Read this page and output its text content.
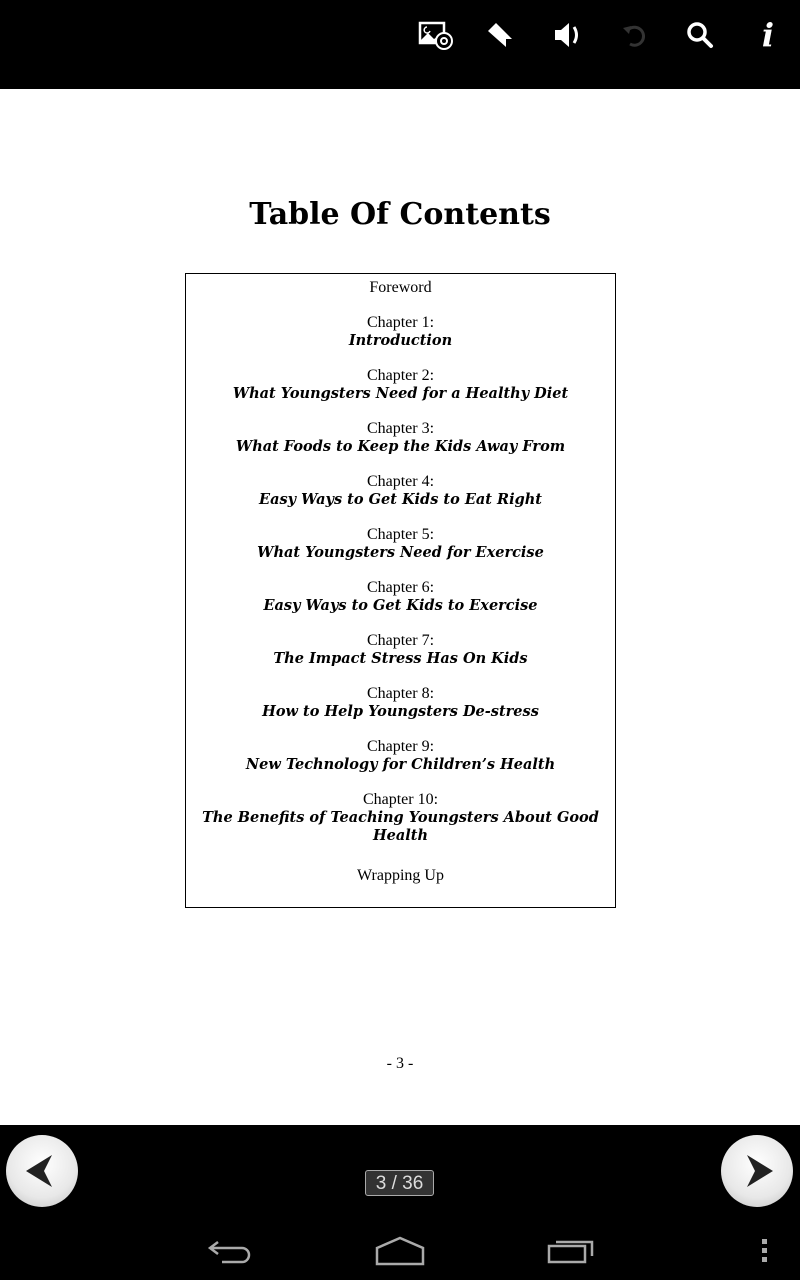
i
Table Of Contents
Foreword
Chapter 1:
Introduction
Chapter 2:
What Youngsters Need for a Healthy Diet
Chapter 3:
What Foods to Keep the Kids Away From
Chapter 4:
Easy Ways to Get Kids to Eat Right
Chapter 5:
What Youngsters Need for Exercise
Chapter 6:
Easy Ways to Get Kids to Exercise
Chapter 7:
The Impact Stress Has On Kids
Chapter 8:
How to Help Youngsters De-stress
Chapter 9:
New Technology for Children’s Health
Chapter 10:
The Benefits of Teaching Youngsters About Good Health
Wrapping Up
- 3 -
3 / 36
